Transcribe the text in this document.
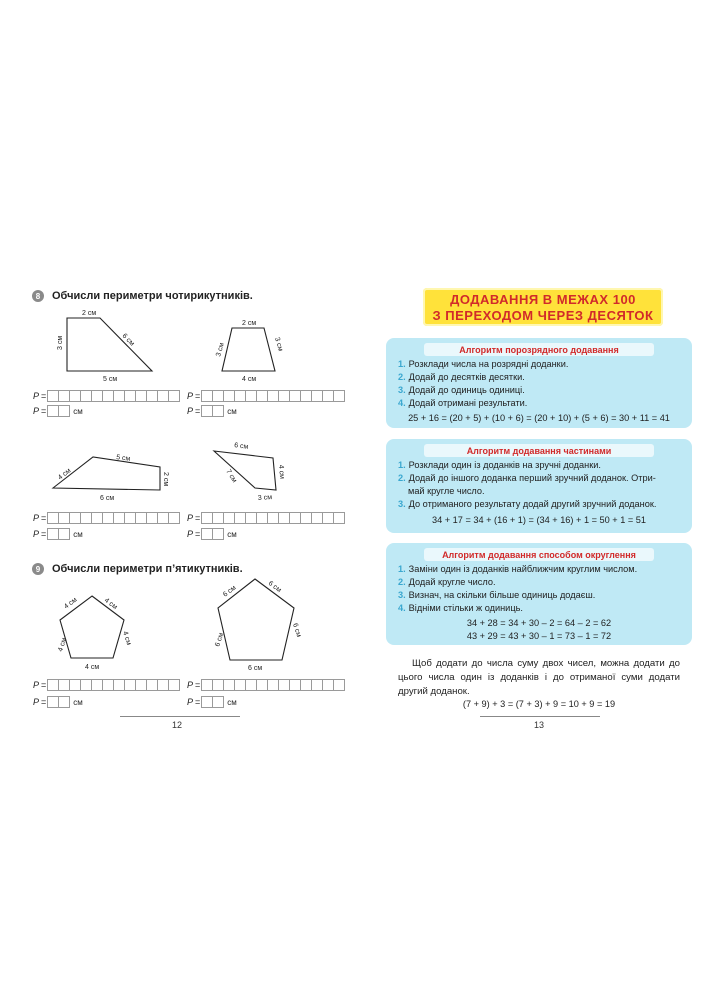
8	Обчисли периметри чотирикутників.
2 см
3 см
5 см
6 см
2 см
3 см	3 см
4 см
5 см
4 см	2 см
6 см
6 см
7 см	4 см
3 см
4 см	4 см
4 см	4 см
4 см
6 см	6 см
6 см
6 см
6 см
P =
P =	см
P =
P =	см
P =
P =	см
P =
P =	см
9	Обчисли периметри п’ятикутників.
P =
P =	см
P =
P =	см
12
ДОДАВАННЯ В МЕЖАХ 100
З ПЕРЕХОДОМ ЧЕРЕЗ ДЕСЯТОК
Алгоритм порозрядного додавання
1. Розклади числа на розрядні доданки.
2. Додай до десятків десятки.
3. Додай до одиниць одиниці.
4. Додай отримані результати.
25 + 16 = (20 + 5) + (10 + 6) = (20 + 10) + (5 + 6) = 30 + 11 = 41
Алгоритм додавання частинами
1. Розклади один із доданків на зручні доданки.
2. Додай до іншого доданка перший зручний доданок. Отри-
май кругле число.
3. До отриманого результату додай другий зручний доданок.
34 + 17 = 34 + (16 + 1) = (34 + 16) + 1 = 50 + 1 = 51
Алгоритм додавання способом округлення
1. Заміни один із доданків найближчим круглим числом.
2. Додай кругле число.
3. Визнач, на скільки більше одиниць додаєш.
4. Відніми стільки ж одиниць.
34 + 28 = 34 + 30 – 2 = 64 – 2 = 62
43 + 29 = 43 + 30 – 1 = 73 – 1 = 72
Щоб додати до числа суму двох чисел, можна додати до цього числа один із доданків і до отриманої суми додати другий доданок.
(7 + 9) + 3 = (7 + 3) + 9 = 10 + 9 = 19
13
